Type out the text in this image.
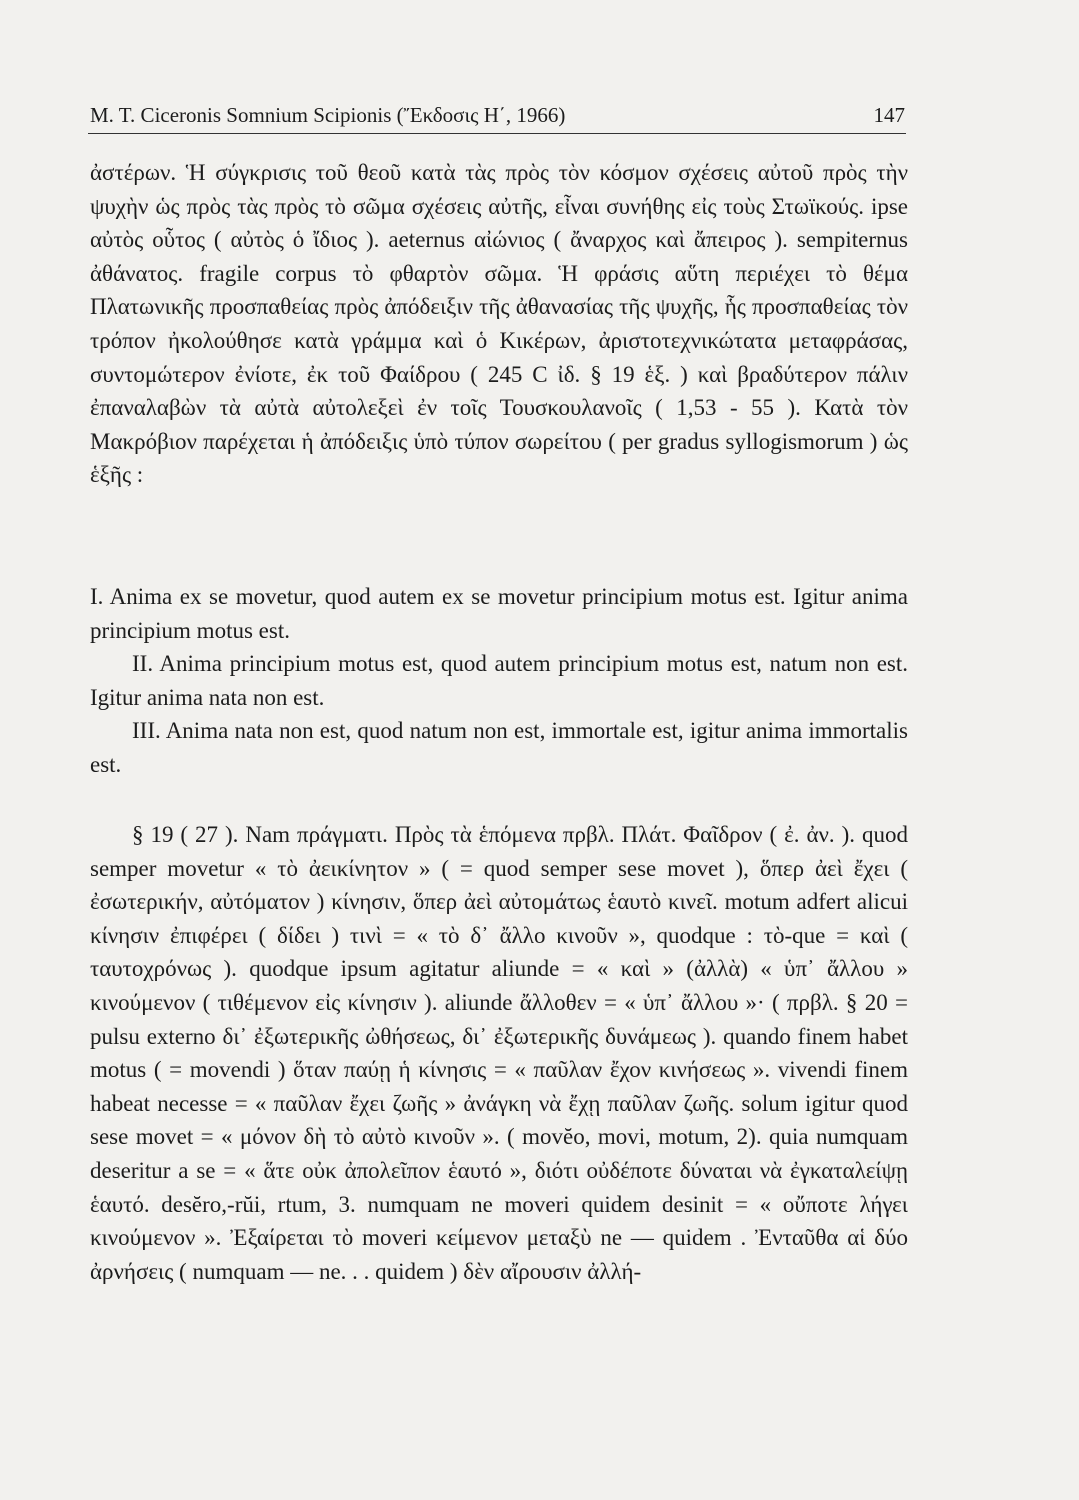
M. T. Ciceronis Somnium Scipionis (Ἔκδοσις Η΄, 1966)	147

ἀστέρων. Ἡ σύγκρισις τοῦ θεοῦ κατὰ τὰς πρὸς τὸν κόσμον σχέσεις αὐτοῦ πρὸς τὴν ψυχὴν ὡς πρὸς τὰς πρὸς τὸ σῶμα σχέσεις αὐτῆς, εἶναι συνήθης εἰς τοὺς Στωϊκούς. ipse αὐτὸς οὗτος ( αὐτὸς ὁ ἴδιος ). aeternus αἰώνιος ( ἄναρχος καὶ ἄπειρος ). sempiternus ἀθάνατος. fragile corpus τὸ φθαρτὸν σῶμα. Ἡ φράσις αὕτη περιέχει τὸ θέμα Πλατωνικῆς προσπαθείας πρὸς ἀπόδειξιν τῆς ἀθανασίας τῆς ψυχῆς, ἧς προσπαθείας τὸν τρόπον ἠκολούθησε κατὰ γράμμα καὶ ὁ Κικέρων, ἀριστοτεχνικώτατα μεταφράσας, συντομώτερον ἐνίοτε, ἐκ τοῦ Φαίδρου ( 245 C ἰδ. § 19 ἑξ. ) καὶ βραδύτερον πάλιν ἐπαναλαβὼν τὰ αὐτὰ αὐτολεξεὶ ἐν τοῖς Τουσκουλανοῖς ( 1,53 - 55 ). Κατὰ τὸν Μακρόβιον παρέχεται ἡ ἀπόδειξις ὑπὸ τύπον σωρείτου ( per gradus syllogismorum ) ὡς ἑξῆς :

I. Anima ex se movetur, quod autem ex se movetur principium motus est. Igitur anima principium motus est.

II. Anima principium motus est, quod autem principium motus est, natum non est. Igitur anima nata non est.

III. Anima nata non est, quod natum non est, immortale est, igitur anima immortalis est.

§ 19 ( 27 ). Nam πράγματι. Πρὸς τὰ ἑπόμενα πρβλ. Πλάτ. Φαῖδρον ( ἐ. ἀν. ). quod semper movetur « τὸ ἀεικίνητον » ( = quod semper sese movet ), ὅπερ ἀεὶ ἔχει ( ἐσωτερικήν, αὐτόματον ) κίνησιν, ὅπερ ἀεὶ αὐτομάτως ἑαυτὸ κινεῖ. motum adfert alicui κίνησιν ἐπιφέρει ( δίδει ) τινὶ = « τὸ δ᾽ ἄλλο κινοῦν », quodque : τὸ-que = καὶ ( ταυτοχρόνως ). quodque ipsum agitatur aliunde = « καὶ » (ἀλλὰ) « ὑπ᾽ ἄλλου » κινούμενον ( τιθέμενον εἰς κίνησιν ). aliunde ἄλλοθεν = « ὑπ᾽ ἄλλου »· ( πρβλ. § 20 = pulsu externo δι᾽ ἐξωτερικῆς ὠθήσεως, δι᾽ ἐξωτερικῆς δυνάμεως ). quando finem habet motus ( = movendi ) ὅταν παύῃ ἡ κίνησις = « παῦλαν ἔχον κινήσεως ». vivendi finem habeat necesse = « παῦλαν ἔχει ζωῆς » ἀνάγκη νὰ ἔχῃ παῦλαν ζωῆς. solum igitur quod sese movet = « μόνον δὴ τὸ αὐτὸ κινοῦν ». ( movĕo, movi, motum, 2). quia numquam deseritur a se = « ἅτε οὐκ ἀπολεῖπον ἑαυτό », διότι οὐδέποτε δύναται νὰ ἐγκαταλείψῃ ἑαυτό. desĕro,-rŭi, rtum, 3. numquam ne moveri quidem desinit = « οὔποτε λήγει κινούμενον ». Ἐξαίρεται τὸ moveri κείμενον μεταξὺ ne — quidem . Ἐνταῦθα αἱ δύο ἀρνήσεις ( numquam — ne. . . quidem ) δὲν αἴρουσιν ἀλλή-
